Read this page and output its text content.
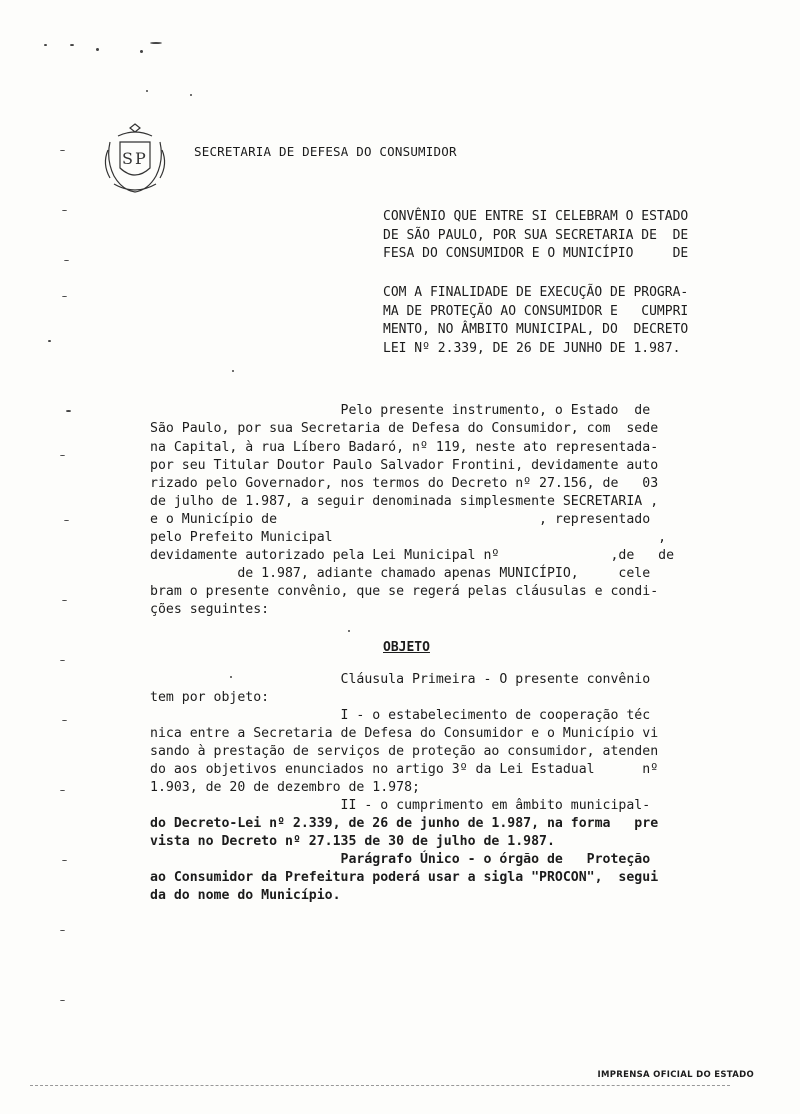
S P	SECRETARIA DE DEFESA DO CONSUMIDOR
CONVÊNIO QUE ENTRE SI CELEBRAM O ESTADO
DE SÃO PAULO, POR SUA SECRETARIA DE  DE
FESA DO CONSUMIDOR E O MUNICÍPIO     DE
COM A FINALIDADE DE EXECUÇÃO DE PROGRA-
MA DE PROTEÇÃO AO CONSUMIDOR E   CUMPRI
MENTO, NO ÂMBITO MUNICIPAL, DO  DECRETO
LEI Nº 2.339, DE 26 DE JUNHO DE 1.987.
Pelo presente instrumento, o Estado  de
São Paulo, por sua Secretaria de Defesa do Consumidor, com  sede
na Capital, à rua Líbero Badaró, nº 119, neste ato representada-
por seu Titular Doutor Paulo Salvador Frontini, devidamente auto
rizado pelo Governador, nos termos do Decreto nº 27.156, de   03
de julho de 1.987, a seguir denominada simplesmente SECRETARIA ,
e o Município de                                 , representado
pelo Prefeito Municipal                                         ,
devidamente autorizado pela Lei Municipal nº              ,de   de
de 1.987, adiante chamado apenas MUNICÍPIO,     cele
bram o presente convênio, que se regerá pelas cláusulas e condi-
ções seguintes:
OBJETO
Cláusula Primeira - O presente convênio
tem por objeto:
I - o estabelecimento de cooperação téc
nica entre a Secretaria de Defesa do Consumidor e o Município vi
sando à prestação de serviços de proteção ao consumidor, atenden
do aos objetivos enunciados no artigo 3º da Lei Estadual      nº
1.903, de 20 de dezembro de 1.978;
II - o cumprimento em âmbito municipal-
do Decreto-Lei nº 2.339, de 26 de junho de 1.987, na forma   pre
vista no Decreto nº 27.135 de 30 de julho de 1.987.
Parágrafo Único - o órgão de   Proteção
ao Consumidor da Prefeitura poderá usar a sigla "PROCON",  segui
da do nome do Município.
IMPRENSA OFICIAL DO ESTADO
